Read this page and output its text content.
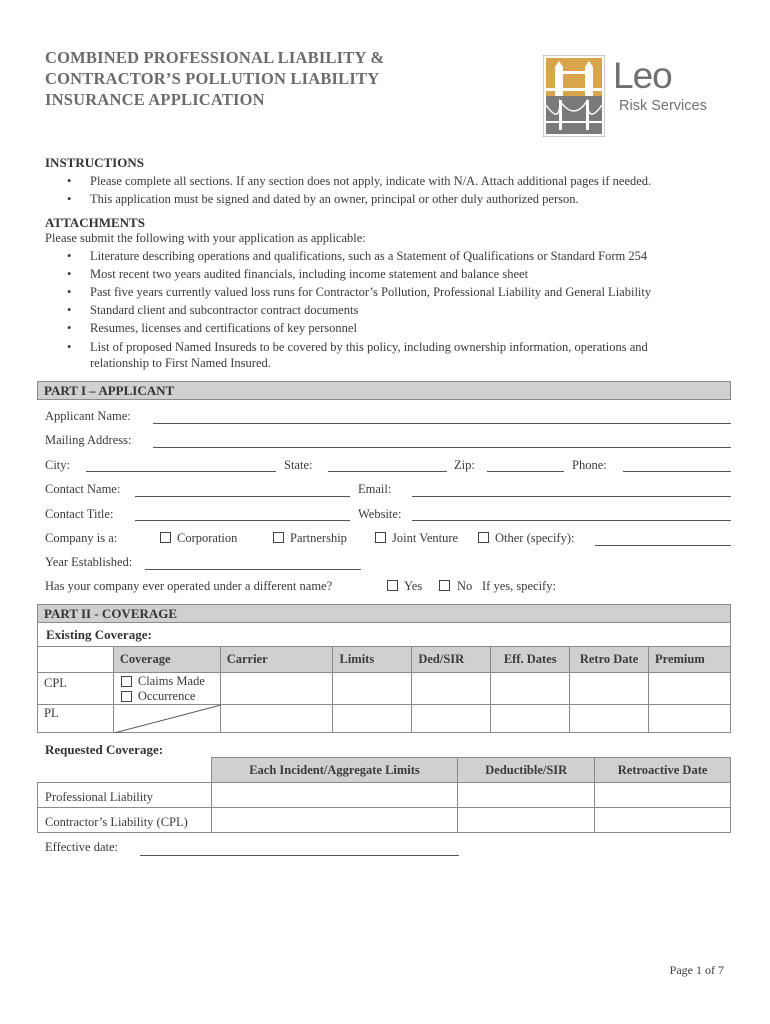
COMBINED PROFESSIONAL LIABILITY &
CONTRACTOR’S POLLUTION LIABILITY
INSURANCE APPLICATION
Leo
Risk Services
INSTRUCTIONS
• Please complete all sections. If any section does not apply, indicate with N/A. Attach additional pages if needed.
• This application must be signed and dated by an owner, principal or other duly authorized person.
ATTACHMENTS
Please submit the following with your application as applicable:
• Literature describing operations and qualifications, such as a Statement of Qualifications or Standard Form 254
• Most recent two years audited financials, including income statement and balance sheet
• Past five years currently valued loss runs for Contractor’s Pollution, Professional Liability and General Liability
• Standard client and subcontractor contract documents
• Resumes, licenses and certifications of key personnel
• List of proposed Named Insureds to be covered by this policy, including ownership information, operations and
relationship to First Named Insured.
PART I – APPLICANT
Applicant Name:
Mailing Address:
City:	State:	Zip:	Phone:
Contact Name:	Email:
Contact Title:	Website:
Company is a:	Corporation	Partnership	Joint Venture	Other (specify):
Year Established:
Has your company ever operated under a different name?	Yes	No If yes, specify:
PART II - COVERAGE
Existing Coverage:
	Coverage	Carrier	Limits	Ded/SIR	Eff. Dates	Retro Date	Premium
CPL	Claims Made
Occurrence						

PL	

Requested Coverage:
	Each Incident/Aggregate Limits	Deductible/SIR	Retroactive Date
Professional Liability			
Contractor’s Liability (CPL)			
Effective date:
Page 1 of 7
